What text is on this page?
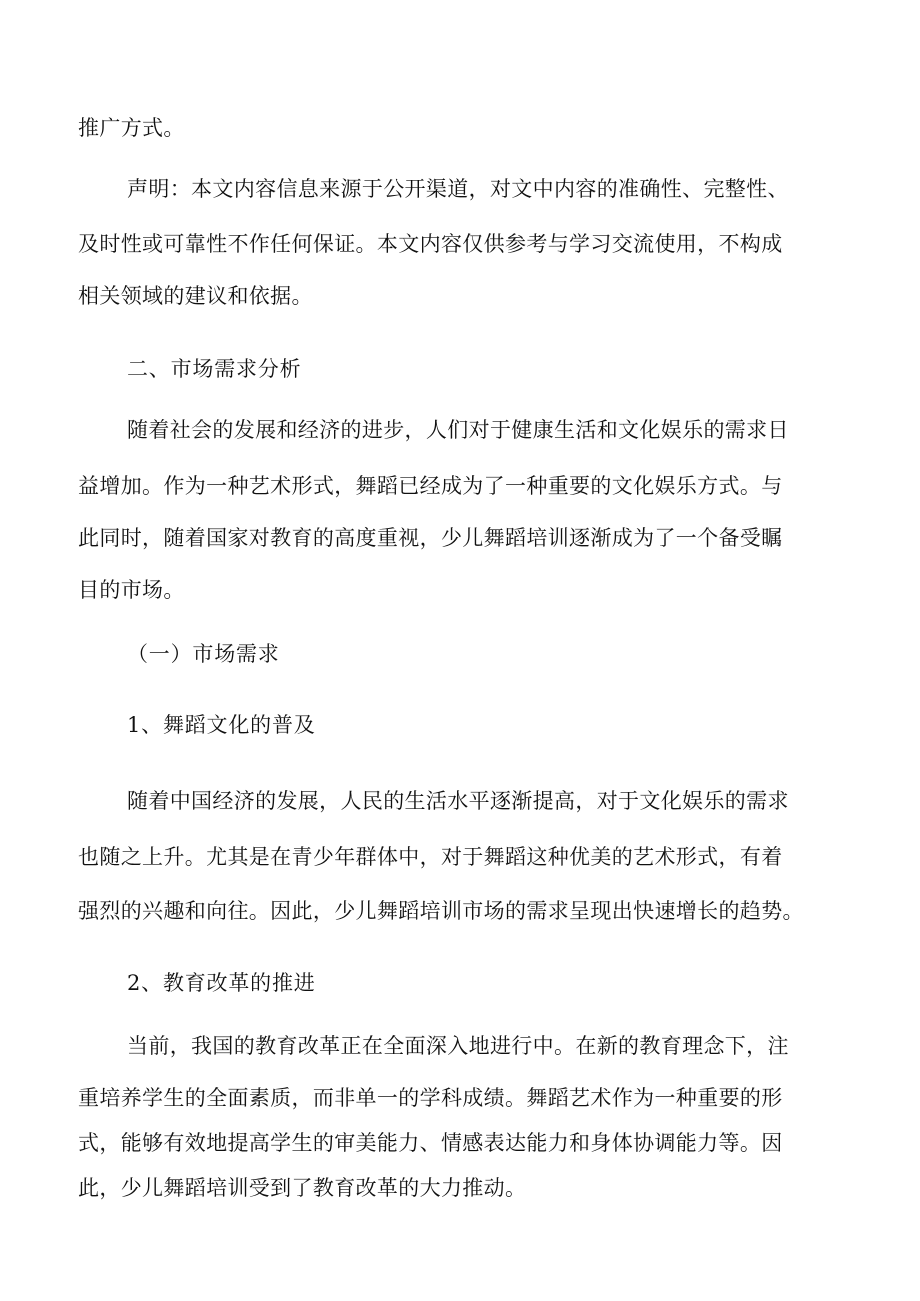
推广方式。
声明：本文内容信息来源于公开渠道，对文中内容的准确性、完整性、
及时性或可靠性不作任何保证。本文内容仅供参考与学习交流使用，不构成
相关领域的建议和依据。
二、市场需求分析
随着社会的发展和经济的进步，人们对于健康生活和文化娱乐的需求日
益增加。作为一种艺术形式，舞蹈已经成为了一种重要的文化娱乐方式。与
此同时，随着国家对教育的高度重视，少儿舞蹈培训逐渐成为了一个备受瞩
目的市场。
（一）市场需求
1、舞蹈文化的普及
随着中国经济的发展，人民的生活水平逐渐提高，对于文化娱乐的需求
也随之上升。尤其是在青少年群体中，对于舞蹈这种优美的艺术形式，有着
强烈的兴趣和向往。因此，少儿舞蹈培训市场的需求呈现出快速增长的趋势。
2、教育改革的推进
当前，我国的教育改革正在全面深入地进行中。在新的教育理念下，注
重培养学生的全面素质，而非单一的学科成绩。舞蹈艺术作为一种重要的形
式，能够有效地提高学生的审美能力、情感表达能力和身体协调能力等。因
此，少儿舞蹈培训受到了教育改革的大力推动。
